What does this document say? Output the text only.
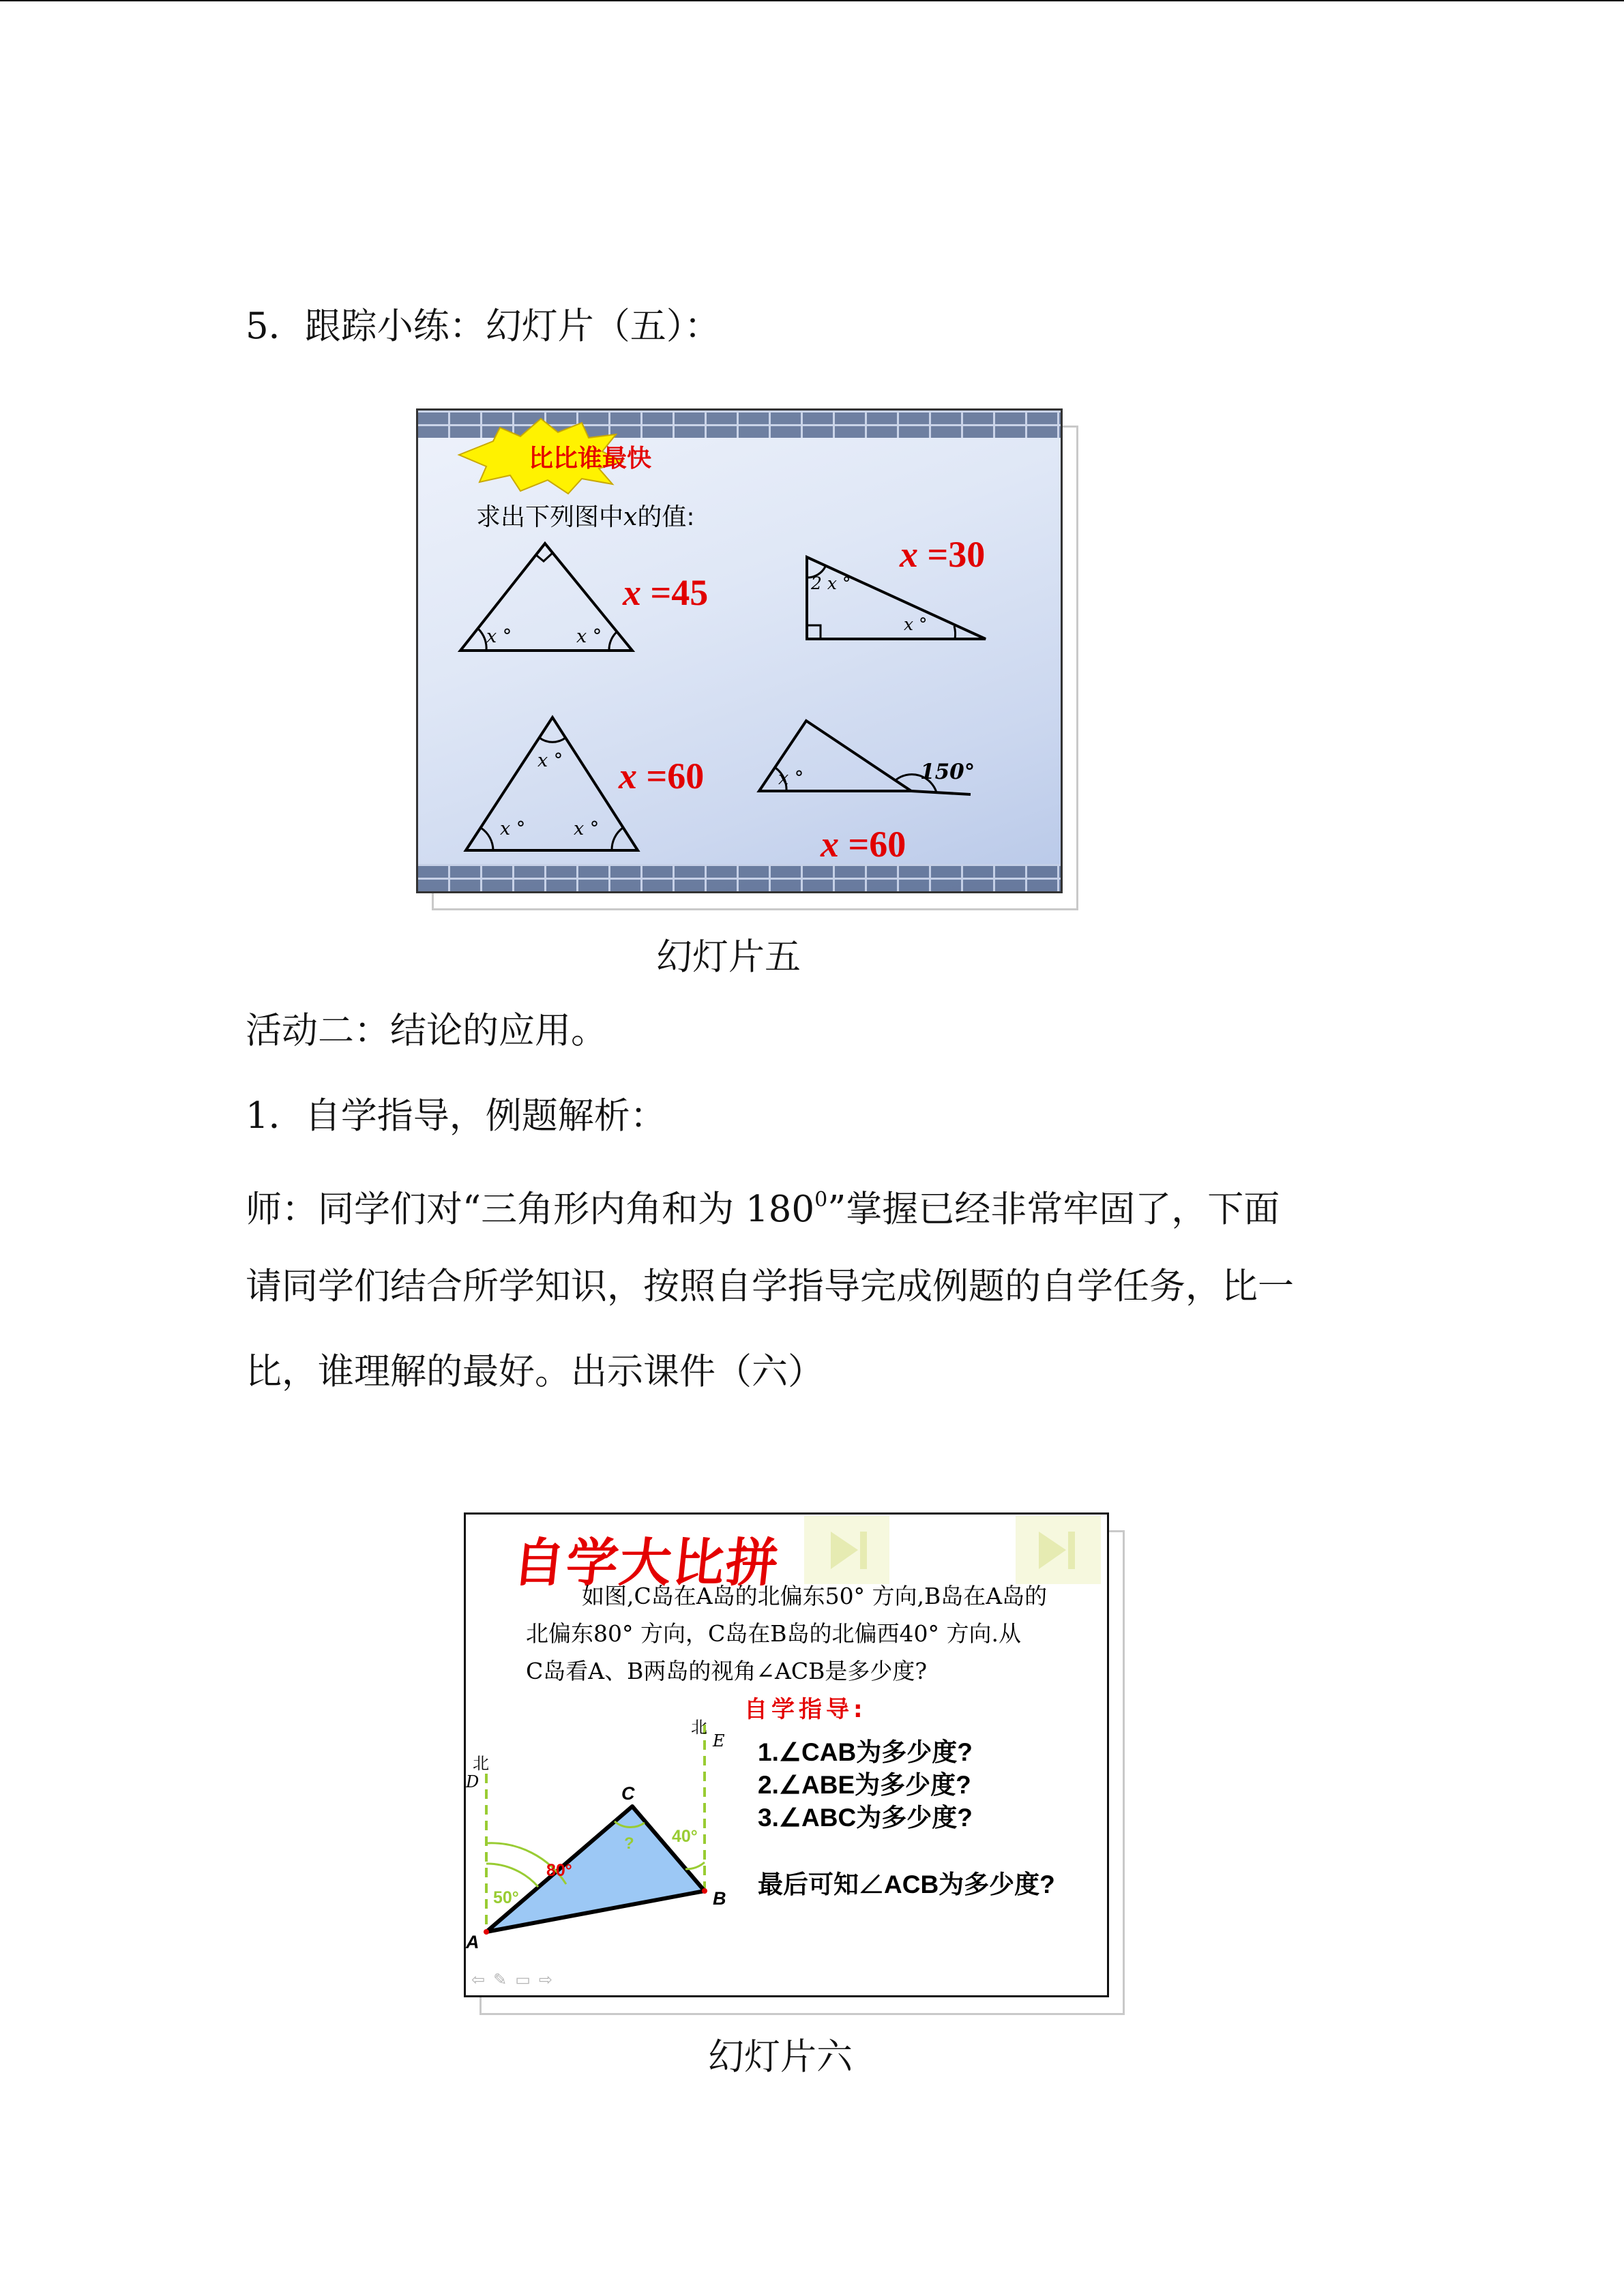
5．跟踪小练：幻灯片（五）：

比比谁最快
x °	x °
2 x °
x °
x °
x °	x °
x °	150°
求出下列图中x的值:
x =45
x =30
x =60
x =60
幻灯片五

活动二：结论的应用。

1．自学指导，例题解析：

师：同学们对“三角形内角和为 $180^0$”掌握已经非常牢固了，下面

请同学们结合所学知识，按照自学指导完成例题的自学任务，比一

比，谁理解的最好。出示课件（六）

北
D
北
E
C
B
A
50°
80°
40°
?
自学大比拼
如图,C岛在A岛的北偏东50° 方向,B岛在A岛的
北偏东80° 方向，C岛在B岛的北偏西40° 方向.从
C岛看A、B两岛的视角∠ACB是多少度?
自学指导:
1.∠CAB为多少度?
2.∠ABE为多少度?
3.∠ABC为多少度?
最后可知∠ACB为多少度?
⇦✎▭⇨
幻灯片六
